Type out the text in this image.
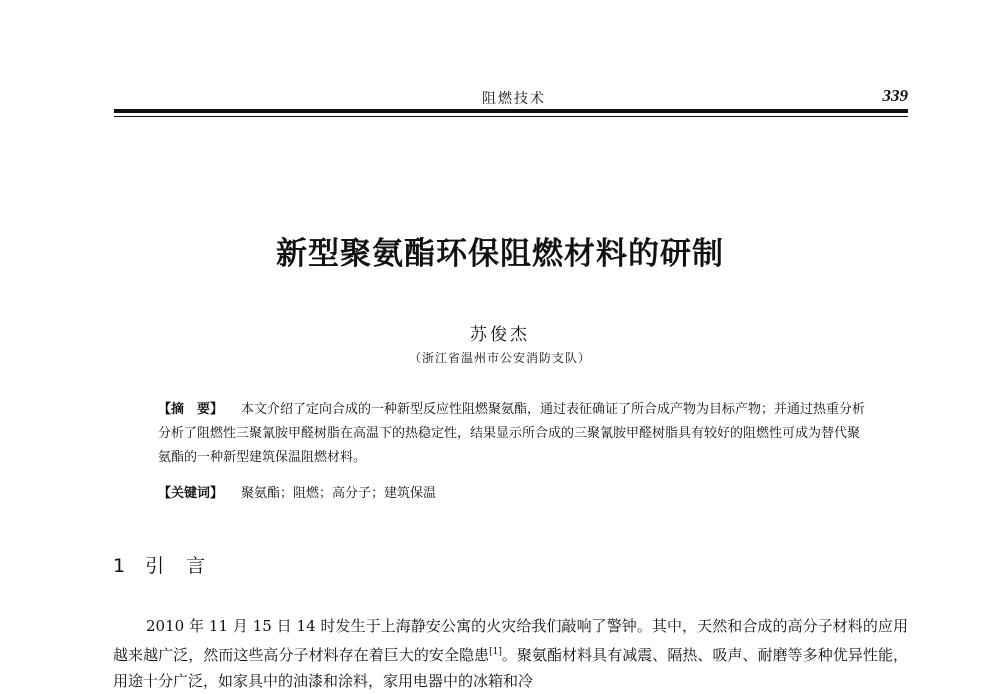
阻燃技术	339
新型聚氨酯环保阻燃材料的研制
苏俊杰
（浙江省温州市公安消防支队）

【摘　要】 本文介绍了定向合成的一种新型反应性阻燃聚氨酯，通过表征确证了所合成产物为目标产物；并通过热重分析分析了阻燃性三聚氰胺甲醛树脂在高温下的热稳定性，结果显示所合成的三聚氰胺甲醛树脂具有较好的阻燃性可成为替代聚氨酯的一种新型建筑保温阻燃材料。

【关键词】 聚氨酯；阻燃；高分子；建筑保温
1 引言

2010 年 11 月 15 日 14 时发生于上海静安公寓的火灾给我们敲响了警钟。其中，天然和合成的高分子材料的应用越来越广泛，然而这些高分子材料存在着巨大的安全隐患[1]。聚氨酯材料具有减震、隔热、吸声、耐磨等多种优异性能，用途十分广泛，如家具中的油漆和涂料，家用电器中的冰箱和冷
